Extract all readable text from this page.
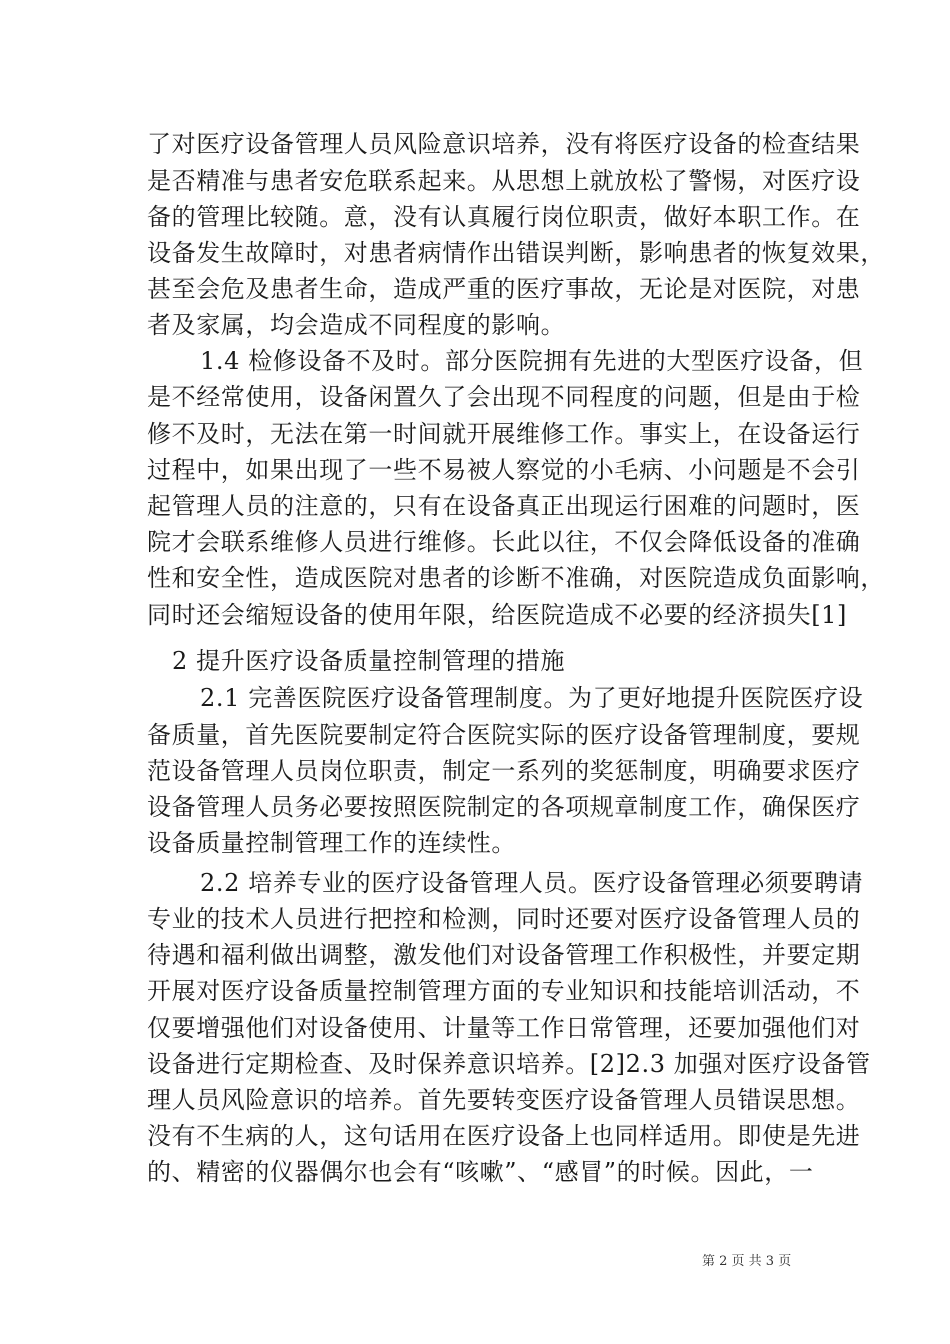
了对医疗设备管理人员风险意识培养，没有将医疗设备的检查结果
是否精准与患者安危联系起来。从思想上就放松了警惕，对医疗设
备的管理比较随。意，没有认真履行岗位职责，做好本职工作。在
设备发生故障时，对患者病情作出错误判断，影响患者的恢复效果，
甚至会危及患者生命，造成严重的医疗事故，无论是对医院，对患
者及家属，均会造成不同程度的影响。
1.4 检修设备不及时。部分医院拥有先进的大型医疗设备，但
是不经常使用，设备闲置久了会出现不同程度的问题，但是由于检
修不及时，无法在第一时间就开展维修工作。事实上，在设备运行
过程中，如果出现了一些不易被人察觉的小毛病、小问题是不会引
起管理人员的注意的，只有在设备真正出现运行困难的问题时，医
院才会联系维修人员进行维修。长此以往，不仅会降低设备的准确
性和安全性，造成医院对患者的诊断不准确，对医院造成负面影响，
同时还会缩短设备的使用年限，给医院造成不必要的经济损失[1]
2 提升医疗设备质量控制管理的措施
2.1 完善医院医疗设备管理制度。为了更好地提升医院医疗设
备质量，首先医院要制定符合医院实际的医疗设备管理制度，要规
范设备管理人员岗位职责，制定一系列的奖惩制度，明确要求医疗
设备管理人员务必要按照医院制定的各项规章制度工作，确保医疗
设备质量控制管理工作的连续性。
2.2 培养专业的医疗设备管理人员。医疗设备管理必须要聘请
专业的技术人员进行把控和检测，同时还要对医疗设备管理人员的
待遇和福利做出调整，激发他们对设备管理工作积极性，并要定期
开展对医疗设备质量控制管理方面的专业知识和技能培训活动，不
仅要增强他们对设备使用、计量等工作日常管理，还要加强他们对
设备进行定期检查、及时保养意识培养。[2]2.3 加强对医疗设备管
理人员风险意识的培养。首先要转变医疗设备管理人员错误思想。
没有不生病的人，这句话用在医疗设备上也同样适用。即使是先进
的、精密的仪器偶尔也会有“咳嗽”、“感冒”的时候。因此，一
第 2 页 共 3 页
